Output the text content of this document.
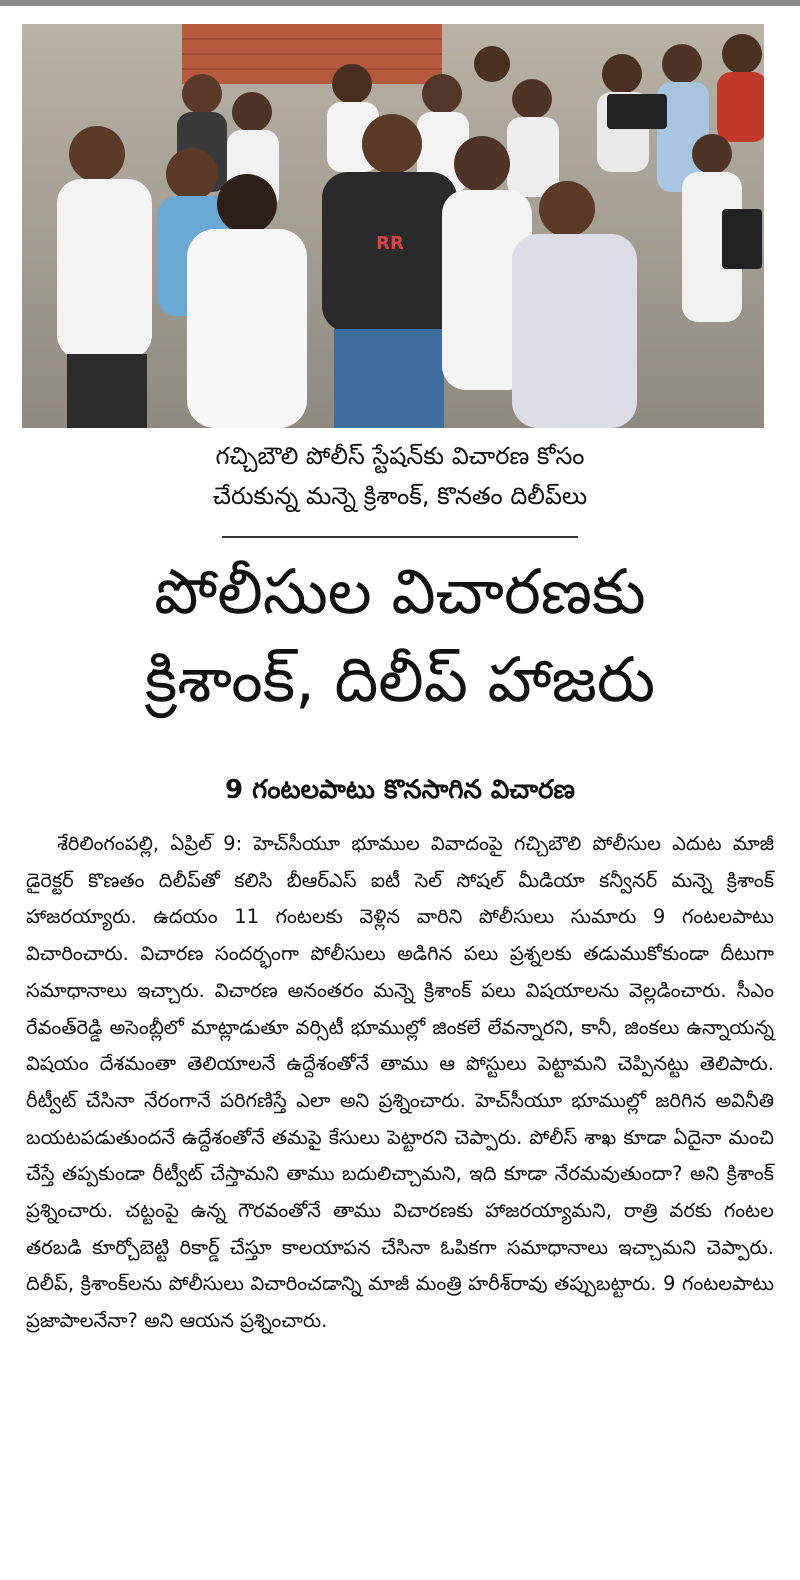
RR
గచ్చిబౌలి పోలీస్ స్టేషన్‌కు విచారణ కోసం
చేరుకున్న మన్నె క్రిశాంక్, కొనతం దిలీప్‌లు
పోలీసుల విచారణకు
క్రిశాంక్, దిలీప్ హాజరు
9 గంటలపాటు కొనసాగిన విచారణ

శేరిలింగంపల్లి, ఏప్రిల్ 9: హెచ్‌సీయూ భూముల వివాదంపై గచ్చిబౌలి పోలీసుల ఎదుట మాజీ డైరెక్టర్ కొణతం దిలీప్‌తో కలిసి బీఆర్ఎస్ ఐటీ సెల్ సోషల్ మీడియా కన్వీనర్ మన్నె క్రిశాంక్ హాజరయ్యారు. ఉదయం 11 గంటలకు వెళ్లిన వారిని పోలీసులు సుమారు 9 గంటలపాటు విచారించారు. విచారణ సందర్భంగా పోలీసులు అడిగిన పలు ప్రశ్నలకు తడుముకోకుండా దీటుగా సమాధానాలు ఇచ్చారు. విచారణ అనంతరం మన్నె క్రిశాంక్ పలు విషయాలను వెల్లడించారు. సీఎం రేవంత్‌రెడ్డి అసెంబ్లీలో మాట్లాడుతూ వర్సిటీ భూముల్లో జింకలే లేవన్నారని, కానీ, జింకలు ఉన్నాయన్న విషయం దేశమంతా తెలియాలనే ఉద్దేశంతోనే తాము ఆ పోస్టులు పెట్టామని చెప్పినట్టు తెలిపారు. రీట్వీట్ చేసినా నేరంగానే పరిగణిస్తే ఎలా అని ప్రశ్నించారు. హెచ్‌సీయూ భూముల్లో జరిగిన అవినీతి బయటపడుతుందనే ఉద్దేశంతోనే తమపై కేసులు పెట్టారని చెప్పారు. పోలీస్ శాఖ కూడా ఏదైనా మంచి చేస్తే తప్పకుండా రీట్వీట్ చేస్తామని తాము బదులిచ్చామని, ఇది కూడా నేరమవుతుందా? అని క్రిశాంక్ ప్రశ్నించారు. చట్టంపై ఉన్న గౌరవంతోనే తాము విచారణకు హాజరయ్యామని, రాత్రి వరకు గంటల తరబడి కూర్చోబెట్టి రికార్డ్ చేస్తూ కాలయాపన చేసినా ఓపికగా సమాధానాలు ఇచ్చామని చెప్పారు. దిలీప్, క్రిశాంక్‌లను పోలీసులు విచారించడాన్ని మాజీ మంత్రి హరీశ్‌రావు తప్పుబట్టారు. 9 గంటలపాటు ప్రజాపాలనేనా? అని ఆయన ప్రశ్నించారు.
